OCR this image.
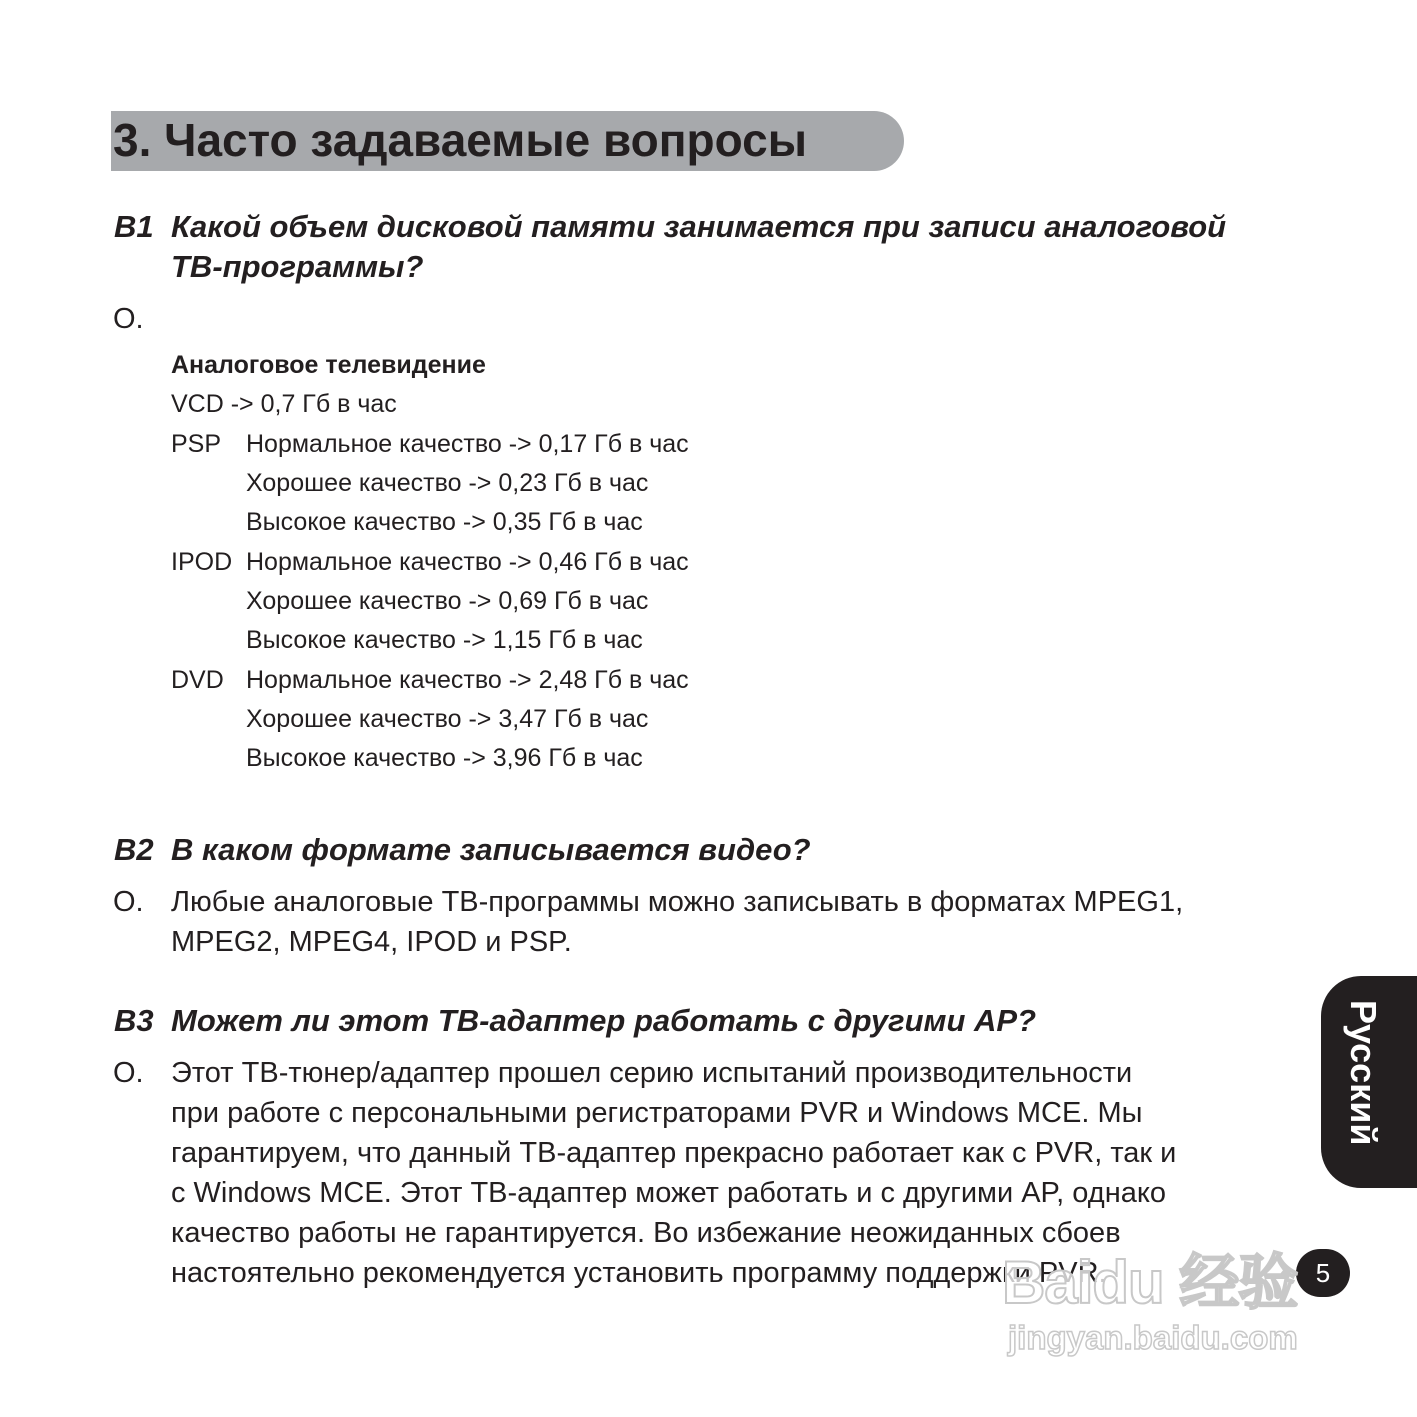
3. Часто задаваемые вопросы
В1 Какой объем дисковой памяти занимается при записи аналоговой
ТВ-программы?
О.
Аналоговое телевидение
VCD -> 0,7 Гб в час
PSP Нормальное качество -> 0,17 Гб в час
Хорошее качество -> 0,23 Гб в час
Высокое качество -> 0,35 Гб в час
IPOD Нормальное качество -> 0,46 Гб в час
Хорошее качество -> 0,69 Гб в час
Высокое качество -> 1,15 Гб в час
DVD Нормальное качество -> 2,48 Гб в час
Хорошее качество -> 3,47 Гб в час
Высокое качество -> 3,96 Гб в час
В2 В каком формате записывается видео?
О. Любые аналоговые ТВ-программы можно записывать в форматах MPEG1,
MPEG2, MPEG4, IPOD и PSP.
В3 Может ли этот ТВ-адаптер работать с другими AP?
О. Этот ТВ-тюнер/адаптер прошел серию испытаний производительности
при работе с персональными регистраторами PVR и Windows MCE. Мы
гарантируем, что данный ТВ-адаптер прекрасно работает как с PVR, так и
с Windows MCE. Этот ТВ-адаптер может работать и с другими AP, однако
качество работы не гарантируется. Во избежание неожиданных сбоев
настоятельно рекомендуется установить программу поддержки PVR.
Русский
5
Baidu 经验
jingyan.baidu.com
